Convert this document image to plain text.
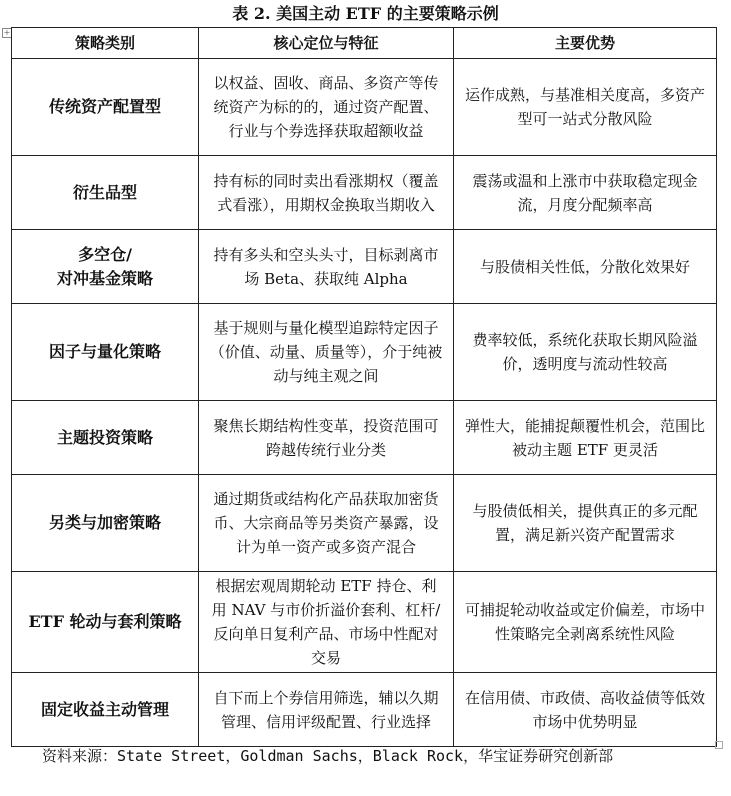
表 2. 美国主动 ETF 的主要策略示例
+
策略类别	核心定位与特征	主要优势
传统资产配置型	以权益、固收、商品、多资产等传统资产为标的的，通过资产配置、行业与个券选择获取超额收益	运作成熟，与基准相关度高，多资产型可一站式分散风险
衍生品型	持有标的同时卖出看涨期权（覆盖式看涨），用期权金换取当期收入	震荡或温和上涨市中获取稳定现金流，月度分配频率高
多空仓/
对冲基金策略	持有多头和空头头寸，目标剥离市场 Beta、获取纯 Alpha	与股债相关性低，分散化效果好
因子与量化策略	基于规则与量化模型追踪特定因子（价值、动量、质量等），介于纯被动与纯主观之间	费率较低，系统化获取长期风险溢价，透明度与流动性较高
主题投资策略	聚焦长期结构性变革，投资范围可跨越传统行业分类	弹性大，能捕捉颠覆性机会，范围比被动主题 ETF 更灵活
另类与加密策略	通过期货或结构化产品获取加密货币、大宗商品等另类资产暴露，设计为单一资产或多资产混合	与股债低相关，提供真正的多元配置，满足新兴资产配置需求
ETF 轮动与套利策略	根据宏观周期轮动 ETF 持仓、利用 NAV 与市价折溢价套利、杠杆/反向单日复利产品、市场中性配对交易	可捕捉轮动收益或定价偏差，市场中性策略完全剥离系统性风险
固定收益主动管理	自下而上个券信用筛选，辅以久期管理、信用评级配置、行业选择	在信用债、市政债、高收益债等低效市场中优势明显
资料来源：State Street，Goldman Sachs，Black Rock，华宝证券研究创新部
